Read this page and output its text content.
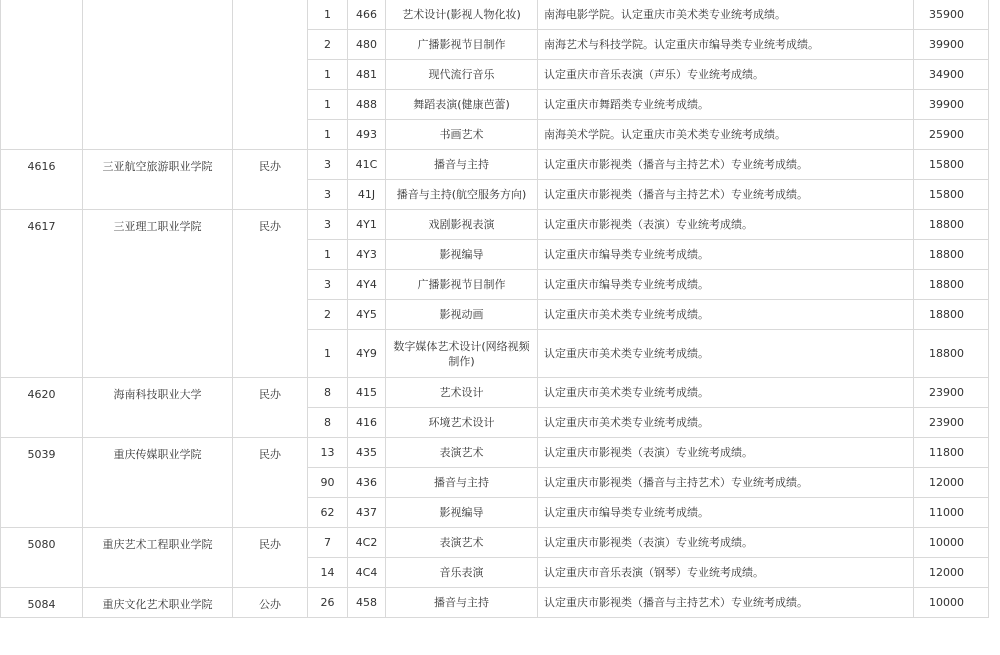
			1	466	艺术设计(影视人物化妆)	南海电影学院。认定重庆市美术类专业统考成绩。	35900
			2	480	广播影视节目制作	南海艺术与科技学院。认定重庆市编导类专业统考成绩。	39900
			1	481	现代流行音乐	认定重庆市音乐表演（声乐）专业统考成绩。	34900
			1	488	舞蹈表演(健康芭蕾)	认定重庆市舞蹈类专业统考成绩。	39900
			1	493	书画艺术	南海美术学院。认定重庆市美术类专业统考成绩。	25900
4616	三亚航空旅游职业学院	民办	3	41C	播音与主持	认定重庆市影视类（播音与主持艺术）专业统考成绩。	15800
			3	41J	播音与主持(航空服务方向)	认定重庆市影视类（播音与主持艺术）专业统考成绩。	15800
4617	三亚理工职业学院	民办	3	4Y1	戏剧影视表演	认定重庆市影视类（表演）专业统考成绩。	18800
			1	4Y3	影视编导	认定重庆市编导类专业统考成绩。	18800
			3	4Y4	广播影视节目制作	认定重庆市编导类专业统考成绩。	18800
			2	4Y5	影视动画	认定重庆市美术类专业统考成绩。	18800
			1	4Y9	数字媒体艺术设计(网络视频制作)	认定重庆市美术类专业统考成绩。	18800
4620	海南科技职业大学	民办	8	415	艺术设计	认定重庆市美术类专业统考成绩。	23900
			8	416	环境艺术设计	认定重庆市美术类专业统考成绩。	23900
5039	重庆传媒职业学院	民办	13	435	表演艺术	认定重庆市影视类（表演）专业统考成绩。	11800
			90	436	播音与主持	认定重庆市影视类（播音与主持艺术）专业统考成绩。	12000
			62	437	影视编导	认定重庆市编导类专业统考成绩。	11000
5080	重庆艺术工程职业学院	民办	7	4C2	表演艺术	认定重庆市影视类（表演）专业统考成绩。	10000
			14	4C4	音乐表演	认定重庆市音乐表演（钢琴）专业统考成绩。	12000
5084	重庆文化艺术职业学院	公办	26	458	播音与主持	认定重庆市影视类（播音与主持艺术）专业统考成绩。	10000
